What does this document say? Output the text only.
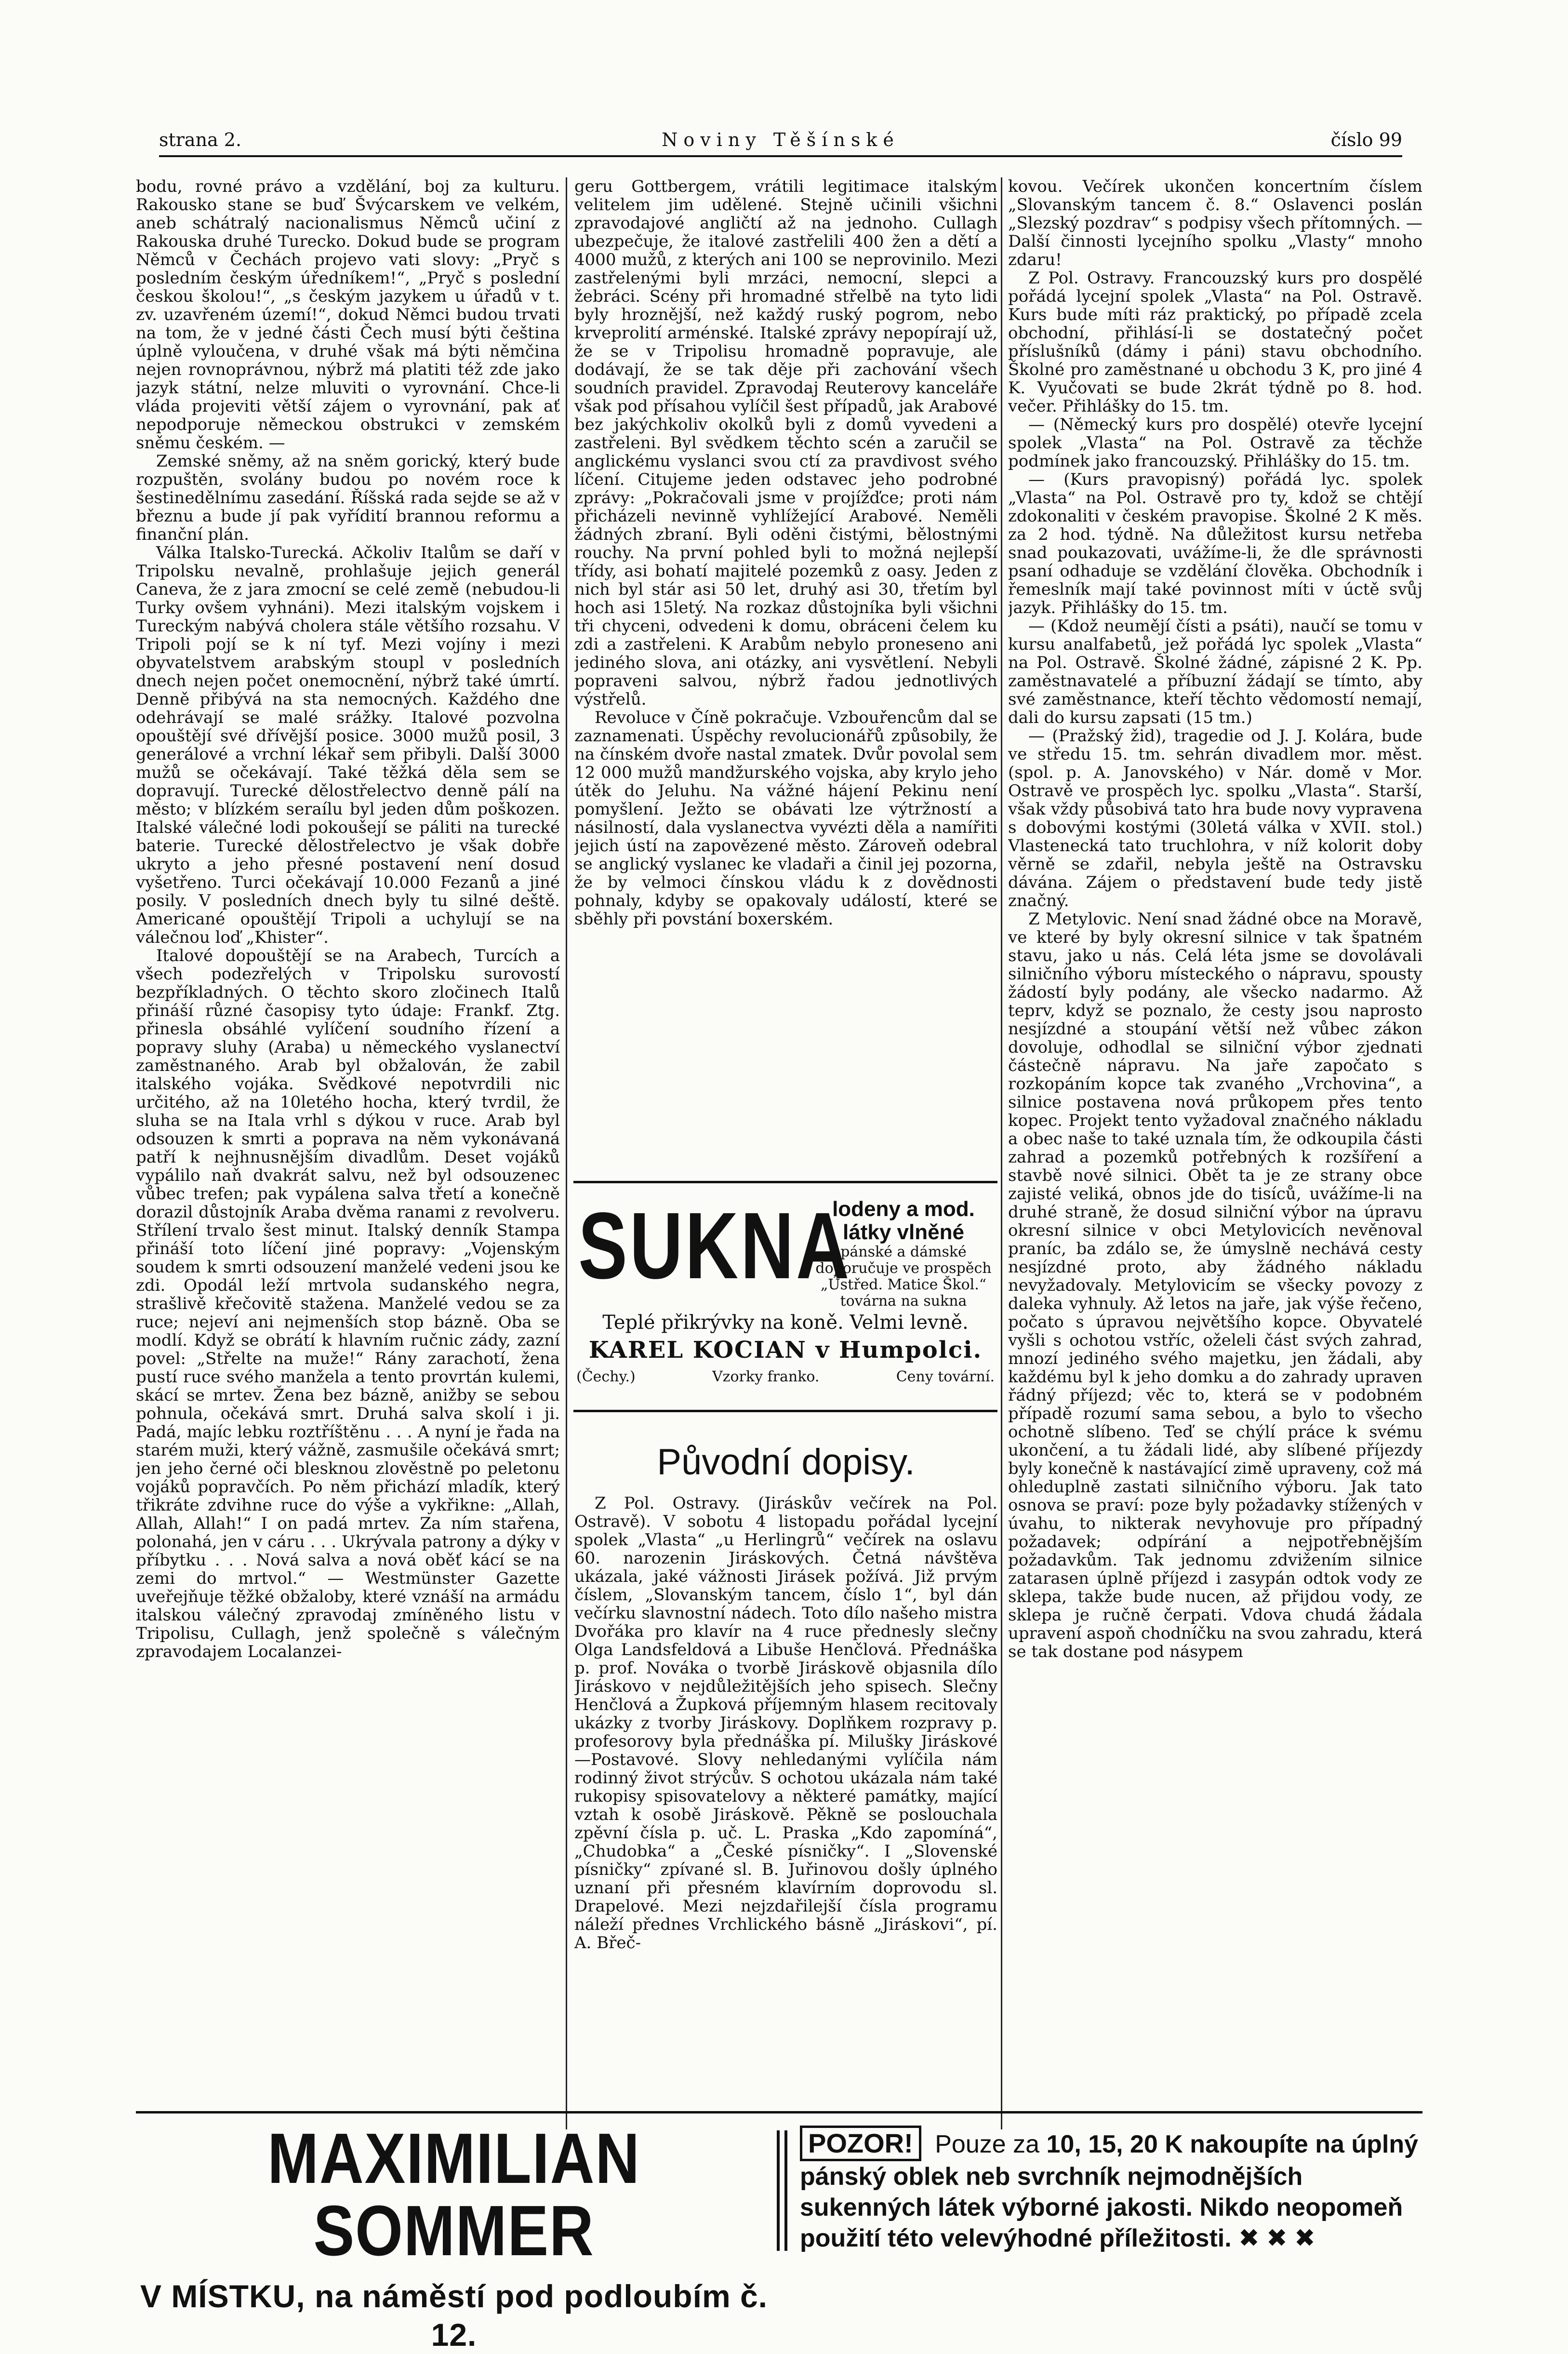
strana 2.	Noviny Těšínské	číslo 99

bodu, rovné právo a vzdělání, boj za kulturu. Rakousko stane se buď Švýcarskem ve velkém, aneb schátralý nacionalismus Němců učiní z Rakouska druhé Turecko. Dokud bude se program Němců v Čechách projevo vati slovy: „Pryč s posledním českým úředníkem!“, „Pryč s poslední českou školou!“, „s českým jazykem u úřadů v t. zv. uzavřeném území!“, dokud Němci budou trvati na tom, že v jedné části Čech musí býti čeština úplně vyloučena, v druhé však má býti němčina nejen rovnoprávnou, nýbrž má platiti též zde jako jazyk státní, nelze mluviti o vyrovnání. Chce-li vláda projeviti větší zájem o vyrovnání, pak ať nepodporuje německou obstrukci v zemském sněmu českém. —

Zemské sněmy, až na sněm gorický, který bude rozpuštěn, svolány budou po novém roce k šestinedělnímu zasedání. Říšská rada sejde se až v březnu a bude jí pak vyřídití brannou reformu a finanční plán.

Válka Italsko-Turecká. Ačkoliv Italům se daří v Tripolsku nevalně, prohlašuje jejich generál Caneva, že z jara zmocní se celé země (nebudou-li Turky ovšem vyhnáni). Mezi italským vojskem i Tureckým nabývá cholera stále většího rozsahu. V Tripoli pojí se k ní tyf. Mezi vojíny i mezi obyvatelstvem arabským stoupl v posledních dnech nejen počet onemocnění, nýbrž také úmrtí. Denně přibývá na sta nemocných. Každého dne odehrávají se malé srážky. Italové pozvolna opouštějí své dřívější posice. 3000 mužů posil, 3 generálové a vrchní lékař sem přibyli. Další 3000 mužů se očekávají. Také těžká děla sem se dopravují. Turecké dělostřelectvo denně pálí na město; v blízkém seraílu byl jeden dům poškozen. Italské válečné lodi pokoušejí se páliti na turecké baterie. Turecké dělostřelectvo je však dobře ukryto a jeho přesné postavení není dosud vyšetřeno. Turci očekávají 10.000 Fezanů a jiné posily. V posledních dnech byly tu silné deště. Americané opouštějí Tripoli a uchylují se na válečnou loď „Khister“.

Italové dopouštějí se na Arabech, Turcích a všech podezřelých v Tripolsku surovostí bezpříkladných. O těchto skoro zločinech Italů přináší různé časopisy tyto údaje: Frankf. Ztg. přinesla obsáhlé vylíčení soudního řízení a popravy sluhy (Araba) u německého vyslanectví zaměstnaného. Arab byl obžalován, že zabil italského vojáka. Svědkové nepotvrdili nic určitého, až na 10letého hocha, který tvrdil, že sluha se na Itala vrhl s dýkou v ruce. Arab byl odsouzen k smrti a poprava na něm vykonávaná patří k nejhnusnějším divadlům. Deset vojáků vypálilo naň dvakrát salvu, než byl odsouzenec vůbec trefen; pak vypálena salva třetí a konečně dorazil důstojník Araba dvěma ranami z revolveru. Střílení trvalo šest minut. Italský denník Stampa přináší toto líčení jiné popravy: „Vojenským soudem k smrti odsouzení manželé vedeni jsou ke zdi. Opodál leží mrtvola sudanského negra, strašlivě křečovitě stažena. Manželé vedou se za ruce; nejeví ani nejmenších stop bázně. Oba se modlí. Když se obrátí k hlavním ručnic zády, zazní povel: „Střelte na muže!“ Rány zarachotí, žena pustí ruce svého manžela a tento provrtán kulemi, skácí se mrtev. Žena bez bázně, anižby se sebou pohnula, očekává smrt. Druhá salva skolí i ji. Padá, majíc lebku roztříštěnu . . . A nyní je řada na starém muži, který vážně, zasmušile očekává smrt; jen jeho černé oči blesknou zlověstně po peletonu vojáků popravčích. Po něm přichází mladík, který třikráte zdvihne ruce do výše a vykřikne: „Allah, Allah, Allah!“ I on padá mrtev. Za ním stařena, polonahá, jen v cáru . . . Ukrývala patrony a dýky v příbytku . . . Nová salva a nová oběť kácí se na zemi do mrtvol.“ — Westmünster Gazette uveřejňuje těžké obžaloby, které vznáší na armádu italskou válečný zpravodaj zmíněného listu v Tripolisu, Cullagh, jenž společně s válečným zpravodajem Localanzei-

geru Gottbergem, vrátili legitimace italským velitelem jim udělené. Stejně učinili všichni zpravodajové angličtí až na jednoho. Cullagh ubezpečuje, že italové zastřelili 400 žen a dětí a 4000 mužů, z kterých ani 100 se neprovinilo. Mezi zastřelenými byli mrzáci, nemocní, slepci a žebráci. Scény při hromadné střelbě na tyto lidi byly hroznější, než každý ruský pogrom, nebo krveprolití arménské. Italské zprávy nepopírají už, že se v Tripolisu hromadně popravuje, ale dodávají, že se tak děje při zachování všech soudních pravidel. Zpravodaj Reuterovy kanceláře však pod přísahou vylíčil šest případů, jak Arabové bez jakýchkoliv okolků byli z domů vyvedeni a zastřeleni. Byl svědkem těchto scén a zaručil se anglickému vyslanci svou ctí za pravdivost svého líčení. Citujeme jeden odstavec jeho podrobné zprávy: „Pokračovali jsme v projížďce; proti nám přicházeli nevinně vyhlížející Arabové. Neměli žádných zbraní. Byli oděni čistými, bělostnými rouchy. Na první pohled byli to možná nejlepší třídy, asi bohatí majitelé pozemků z oasy. Jeden z nich byl stár asi 50 let, druhý asi 30, třetím byl hoch asi 15letý. Na rozkaz důstojníka byli všichni tři chyceni, odvedeni k domu, obráceni čelem ku zdi a zastřeleni. K Arabům nebylo proneseno ani jediného slova, ani otázky, ani vysvětlení. Nebyli popraveni salvou, nýbrž řadou jednotlivých výstřelů.

Revoluce v Číně pokračuje. Vzbouřencům dal se zaznamenati. Úspěchy revolucionářů způsobily, že na čínském dvoře nastal zmatek. Dvůr povolal sem 12 000 mužů mandžurského vojska, aby krylo jeho útěk do Jeluhu. Na vážné hájení Pekinu není pomyšlení. Ježto se obávati lze výtržností a násilností, dala vyslanectva vyvézti děla a namířiti jejich ústí na zapovězené město. Zároveň odebral se anglický vyslanec ke vladaři a činil jej pozorna, že by velmoci čínskou vládu k z dovědnosti pohnaly, kdyby se opakovaly událostí, které se sběhly při povstání boxerském.

SUKNA
lodeny a mod. látky vlněné
pánské a dámské doporučuje ve prospěch „Ústřed. Matice Škol.“ továrna na sukna
Teplé přikrývky na koně. Velmi levně.
KAREL KOCIAN v Humpolci.
(Čechy.)	Vzorky franko.	Ceny tovární.
Původní dopisy.

Z Pol. Ostravy. (Jiráskův večírek na Pol. Ostravě). V sobotu 4 listopadu pořádal lycejní spolek „Vlasta“ „u Herlingrů“ večírek na oslavu 60. narozenin Jiráskových. Četná návštěva ukázala, jaké vážnosti Jirásek požívá. Již prvým číslem, „Slovanským tancem, číslo 1“, byl dán večírku slavnostní nádech. Toto dílo našeho mistra Dvořáka pro klavír na 4 ruce přednesly slečny Olga Landsfeldová a Libuše Henčlová. Přednáška p. prof. Nováka o tvorbě Jiráskově objasnila dílo Jiráskovo v nejdůležitějších jeho spisech. Slečny Henčlová a Župková příjemným hlasem recitovaly ukázky z tvorby Jiráskovy. Doplňkem rozpravy p. profesorovy byla přednáška pí. Milušky Jiráskové—Postavové. Slovy nehledanými vylíčila nám rodinný život strýcův. S ochotou ukázala nám také rukopisy spisovatelovy a některé památky, mající vztah k osobě Jiráskově. Pěkně se poslouchala zpěvní čísla p. uč. L. Praska „Kdo zapomíná“, „Chudobka“ a „České písničky“. I „Slovenské písničky“ zpívané sl. B. Juřinovou došly úplného uznaní při přesném klavírním doprovodu sl. Drapelové. Mezi nejzdařilejší čísla programu náleží přednes Vrchlického básně „Jiráskovi“, pí. A. Břeč-

kovou. Večírek ukončen koncertním číslem „Slovanským tancem č. 8.“ Oslavenci poslán „Slezský pozdrav“ s podpisy všech přítomných. — Další činnosti lycejního spolku „Vlasty“ mnoho zdaru!

Z Pol. Ostravy. Francouzský kurs pro dospělé pořádá lycejní spolek „Vlasta“ na Pol. Ostravě. Kurs bude míti ráz praktický, po případě zcela obchodní, přihlásí-li se dostatečný počet příslušníků (dámy i páni) stavu obchodního. Školné pro zaměstnané u obchodu 3 K, pro jiné 4 K. Vyučovati se bude 2krát týdně po 8. hod. večer. Přihlášky do 15. tm.

— (Německý kurs pro dospělé) otevře lycejní spolek „Vlasta“ na Pol. Ostravě za těchže podmínek jako francouzský. Přihlášky do 15. tm.

— (Kurs pravopisný) pořádá lyc. spolek „Vlasta“ na Pol. Ostravě pro ty, kdož se chtějí zdokonaliti v českém pravopise. Školné 2 K měs. za 2 hod. týdně. Na důležitost kursu netřeba snad poukazovati, uvážíme-li, že dle správnosti psaní odhaduje se vzdělání člověka. Obchodník i řemeslník mají také povinnost míti v úctě svůj jazyk. Přihlášky do 15. tm.

— (Kdož neumějí čísti a psáti), naučí se tomu v kursu analfabetů, jež pořádá lyc spolek „Vlasta“ na Pol. Ostravě. Školné žádné, zápisné 2 K. Pp. zaměstnavatelé a příbuzní žádají se tímto, aby své zaměstnance, kteří těchto vědomostí nemají, dali do kursu zapsati (15 tm.)

— (Pražský žid), tragedie od J. J. Kolára, bude ve středu 15. tm. sehrán divadlem mor. měst. (spol. p. A. Janovského) v Nár. domě v Mor. Ostravě ve prospěch lyc. spolku „Vlasta“. Starší, však vždy působivá tato hra bude novy vypravena s dobovými kostými (30letá válka v XVII. stol.) Vlastenecká tato truchlohra, v níž kolorit doby věrně se zdařil, nebyla ještě na Ostravsku dávána. Zájem o představení bude tedy jistě značný.

Z Metylovic. Není snad žádné obce na Moravě, ve které by byly okresní silnice v tak špatném stavu, jako u nás. Celá léta jsme se dovolávali silničního výboru místeckého o nápravu, spousty žádostí byly podány, ale všecko nadarmo. Až teprv, když se poznalo, že cesty jsou naprosto nesjízdné a stoupání větší než vůbec zákon dovoluje, odhodlal se silniční výbor zjednati částečně nápravu. Na jaře započato s rozkopáním kopce tak zvaného „Vrchovina“, a silnice postavena nová průkopem přes tento kopec. Projekt tento vyžadoval značného nákladu a obec naše to také uznala tím, že odkoupila části zahrad a pozemků potřebných k rozšíření a stavbě nové silnici. Obět ta je ze strany obce zajisté veliká, obnos jde do tisíců, uvážíme-li na druhé straně, že dosud silniční výbor na úpravu okresní silnice v obci Metylovicích nevěnoval praníc, ba zdálo se, že úmyslně nechává cesty nesjízdné proto, aby žádného nákladu nevyžadovaly. Metylovicím se všecky povozy z daleka vyhnuly. Až letos na jaře, jak výše řečeno, počato s úpravou největšího kopce. Obyvatelé vyšli s ochotou vstříc, oželeli část svých zahrad, mnozí jediného svého majetku, jen žádali, aby každému byl k jeho domku a do zahrady upraven řádný příjezd; věc to, která se v podobném případě rozumí sama sebou, a bylo to všecho ochotně slíbeno. Teď se chýlí práce k svému ukončení, a tu žádali lidé, aby slíbené příjezdy byly konečně k nastávající zimě upraveny, což má ohleduplně zastati silničního výboru. Jak tato osnova se praví: poze byly požadavky stížených v úvahu, to nikterak nevyhovuje pro případný požadavek; odpírání a nejpotřebnějším požadavkům. Tak jednomu zdvižením silnice zatarasen úplně příjezd i zasypán odtok vody ze sklepa, takže bude nucen, až přijdou vody, ze sklepa je ručně čerpati. Vdova chudá žádala upravení aspoň chodníčku na svou zahradu, která se tak dostane pod násypem

MAXIMILIAN SOMMER
V MÍSTKU, na náměstí pod podloubím č. 12.
POZOR! Pouze za 10, 15, 20 K nakoupíte na úplný pánský oblek neb svrchník nejmodnějších sukenných látek výborné jakosti. Nikdo neopomeň použití této velevýhodné příležitosti. ✖ ✖ ✖
